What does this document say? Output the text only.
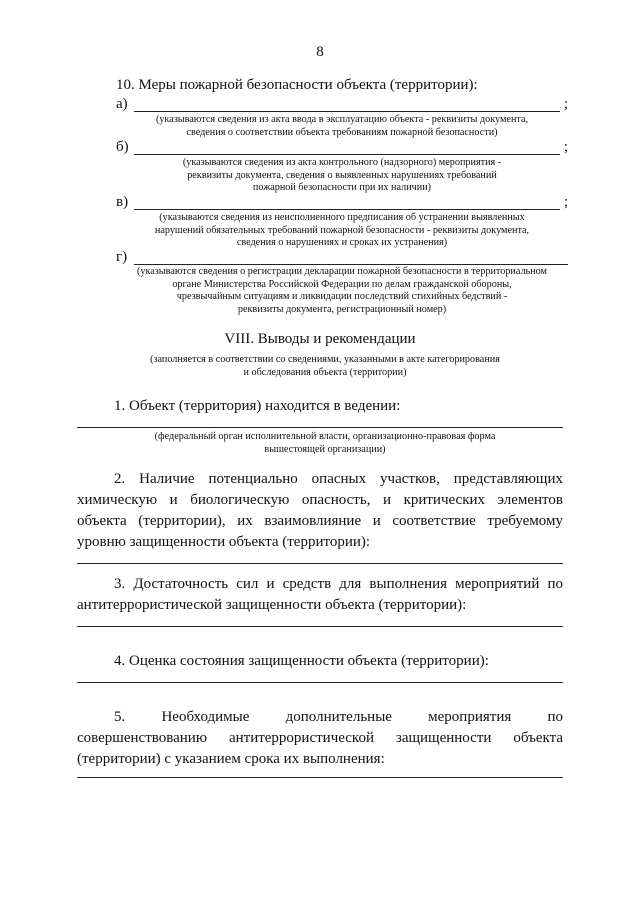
8
10. Меры пожарной безопасности объекта (территории):
а)	;
(указываются сведения из акта ввода в эксплуатацию объекта - реквизиты документа,
сведения о соответствии объекта требованиям пожарной безопасности)
б)	;
(указываются сведения из акта контрольного (надзорного) мероприятия -
реквизиты документа, сведения о выявленных нарушениях требований
пожарной безопасности при их наличии)
в)	;
(указываются сведения из неисполненного предписания об устранении выявленных
нарушений обязательных требований пожарной безопасности - реквизиты документа,
сведения о нарушениях и сроках их устранения)
г)
(указываются сведения о регистрации декларации пожарной безопасности в территориальном
органе Министерства Российской Федерации по делам гражданской обороны,
чрезвычайным ситуациям и ликвидации последствий стихийных бедствий -
реквизиты документа, регистрационный номер)
VIII. Выводы и рекомендации
(заполняется в соответствии со сведениями, указанными в акте категорирования
и обследования объекта (территории)
1. Объект (территория) находится в ведении:
(федеральный орган исполнительной власти, организационно-правовая форма
вышестоящей организации)
2. Наличие потенциально опасных участков, представляющих химическую и биологическую опасность, и критических элементов объекта (территории), их взаимовлияние и соответствие требуемому уровню защищенности объекта (территории):
3. Достаточность сил и средств для выполнения мероприятий по антитеррористической защищенности объекта (территории):
4. Оценка состояния защищенности объекта (территории):
5. Необходимые дополнительные мероприятия по совершенствованию антитеррористической защищенности объекта (территории) с указанием срока их выполнения:
